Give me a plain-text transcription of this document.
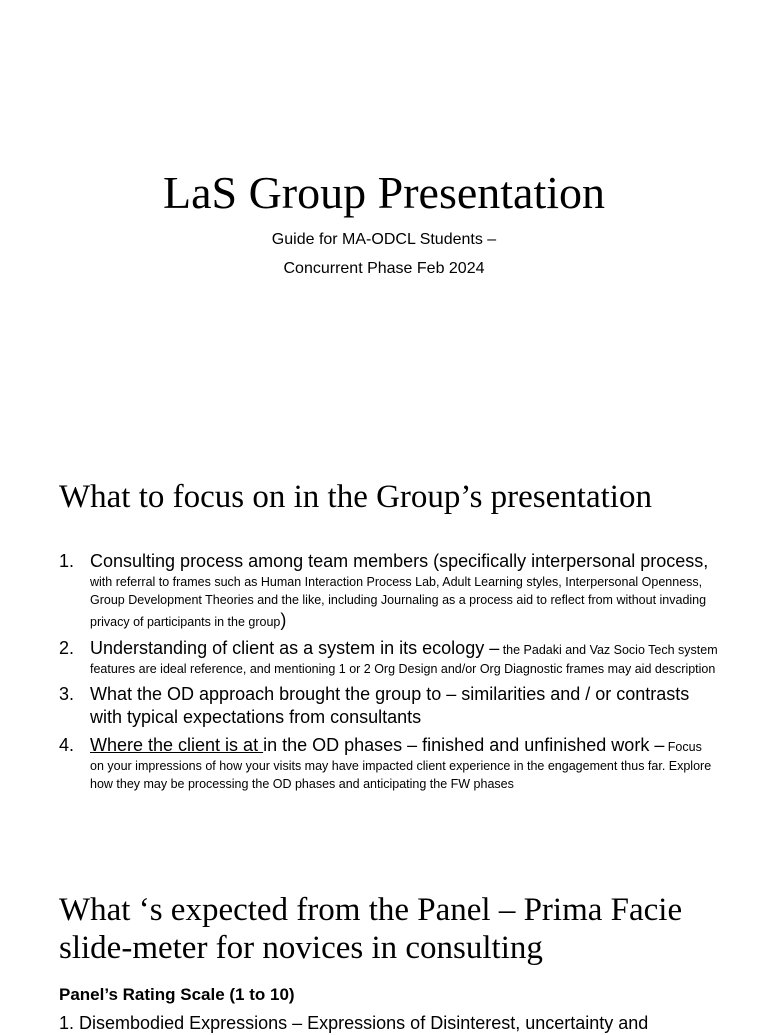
LaS Group Presentation
Guide for MA-ODCL Students –
Concurrent Phase Feb 2024
What to focus on in the Group’s presentation
1. Consulting process among team members (specifically interpersonal process, with referral to frames such as Human Interaction Process Lab, Adult Learning styles, Interpersonal Openness, Group Development Theories and the like, including Journaling as a process aid to reflect from without invading privacy of participants in the group)
2. Understanding of client as a system in its ecology – the Padaki and Vaz Socio Tech system features are ideal reference, and mentioning 1 or 2 Org Design and/or Org Diagnostic frames may aid description
3. What the OD approach brought the group to – similarities and / or contrasts with typical expectations from consultants
4. Where the client is at in the OD phases – finished and unfinished work – Focus on your impressions of how your visits may have impacted client experience in the engagement thus far. Explore how they may be processing the OD phases and anticipating the FW phases
What ‘s expected from the Panel – Prima Facie slide-meter for novices in consulting
Panel’s Rating Scale (1 to 10)
1. Disembodied Expressions – Expressions of Disinterest, uncertainty and
